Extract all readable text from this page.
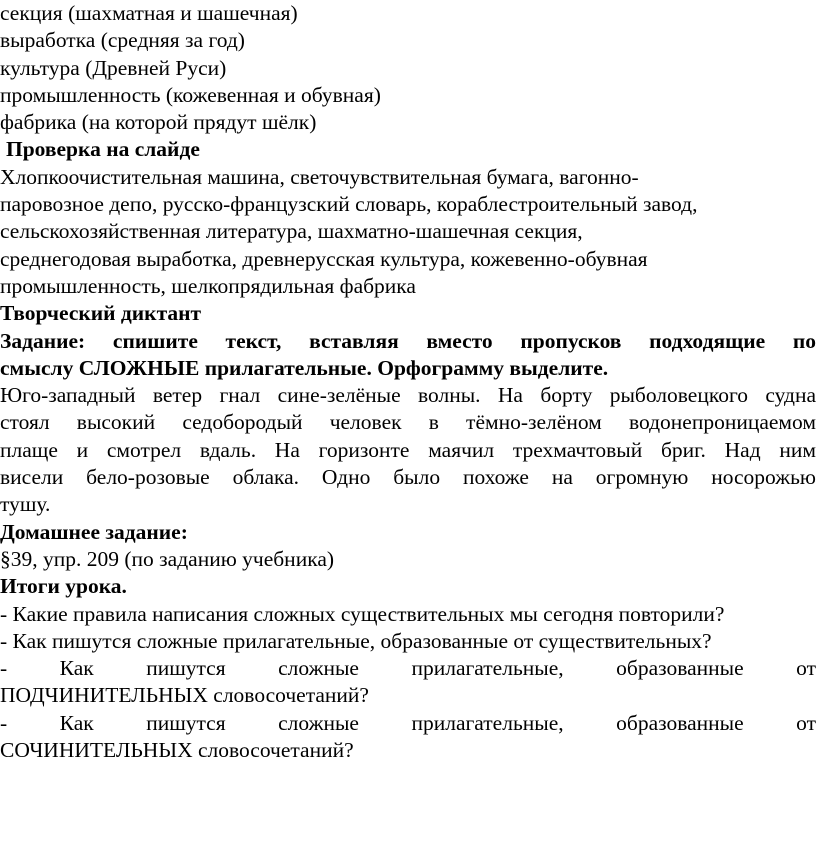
секция (шахматная и шашечная)

выработка (средняя за год)

культура (Древней Руси)

промышленность (кожевенная и обувная)

фабрика (на которой прядут шёлк)

Проверка на слайде

Хлопкоочистительная машина, светочувствительная бумага, вагонно-

паровозное депо, русско-французский словарь, кораблестроительный завод,

сельскохозяйственная литература, шахматно-шашечная секция,

среднегодовая выработка, древнерусская культура, кожевенно-обувная

промышленность, шелкопрядильная фабрика

Творческий диктант

Задание: спишите текст, вставляя вместо пропусков подходящие по

смыслу СЛОЖНЫЕ прилагательные. Орфограмму выделите.

Юго-западный ветер гнал сине-зелёные волны. На борту рыболовецкого судна

стоял высокий седобородый человек в тёмно-зелёном водонепроницаемом

плаще и смотрел вдаль. На горизонте маячил трехмачтовый бриг. Над ним

висели бело-розовые облака. Одно было похоже на огромную носорожью

тушу.

Домашнее задание:

§39, упр. 209 (по заданию учебника)

Итоги урока.

- Какие правила написания сложных существительных мы сегодня повторили?

- Как пишутся сложные прилагательные, образованные от существительных?

- Как пишутся сложные прилагательные, образованные от

ПОДЧИНИТЕЛЬНЫХ словосочетаний?

- Как пишутся сложные прилагательные, образованные от

СОЧИНИТЕЛЬНЫХ словосочетаний?
